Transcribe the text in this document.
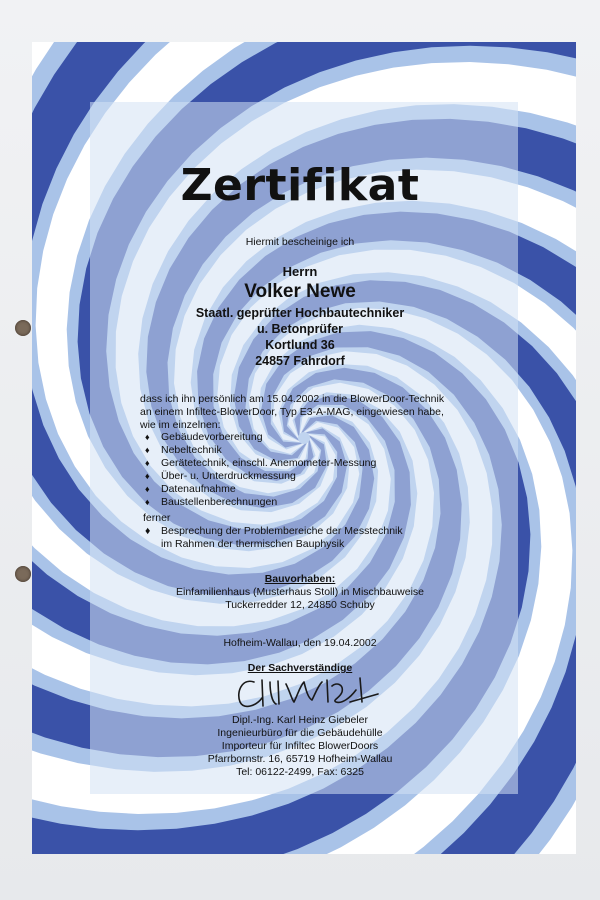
Zertifikat
Hiermit bescheinige ich
Herrn
Volker Newe
Staatl. geprüfter Hochbautechniker
u. Betonprüfer
Kortlund 36
24857 Fahrdorf
dass ich ihn persönlich am 15.04.2002 in die BlowerDoor-Technik
an einem Infiltec-BlowerDoor, Typ E3-A-MAG, eingewiesen habe,
wie im einzelnen:
♦ Gebäudevorbereitung
♦ Nebeltechnik
♦ Gerätetechnik, einschl. Anemometer-Messung
♦ Über- u. Unterdruckmessung
♦ Datenaufnahme
♦ Baustellenberechnungen
ferner
♦ Besprechung der Problembereiche der Messtechnik
im Rahmen der thermischen Bauphysik
Bauvorhaben:
Einfamilienhaus (Musterhaus Stoll) in Mischbauweise
Tuckerredder 12, 24850 Schuby
Hofheim-Wallau, den 19.04.2002
Der Sachverständige
Dipl.-Ing. Karl Heinz Giebeler
Ingenieurbüro für die Gebäudehülle
Importeur für Infiltec BlowerDoors
Pfarrbornstr. 16, 65719 Hofheim-Wallau
Tel: 06122-2499, Fax: 6325
